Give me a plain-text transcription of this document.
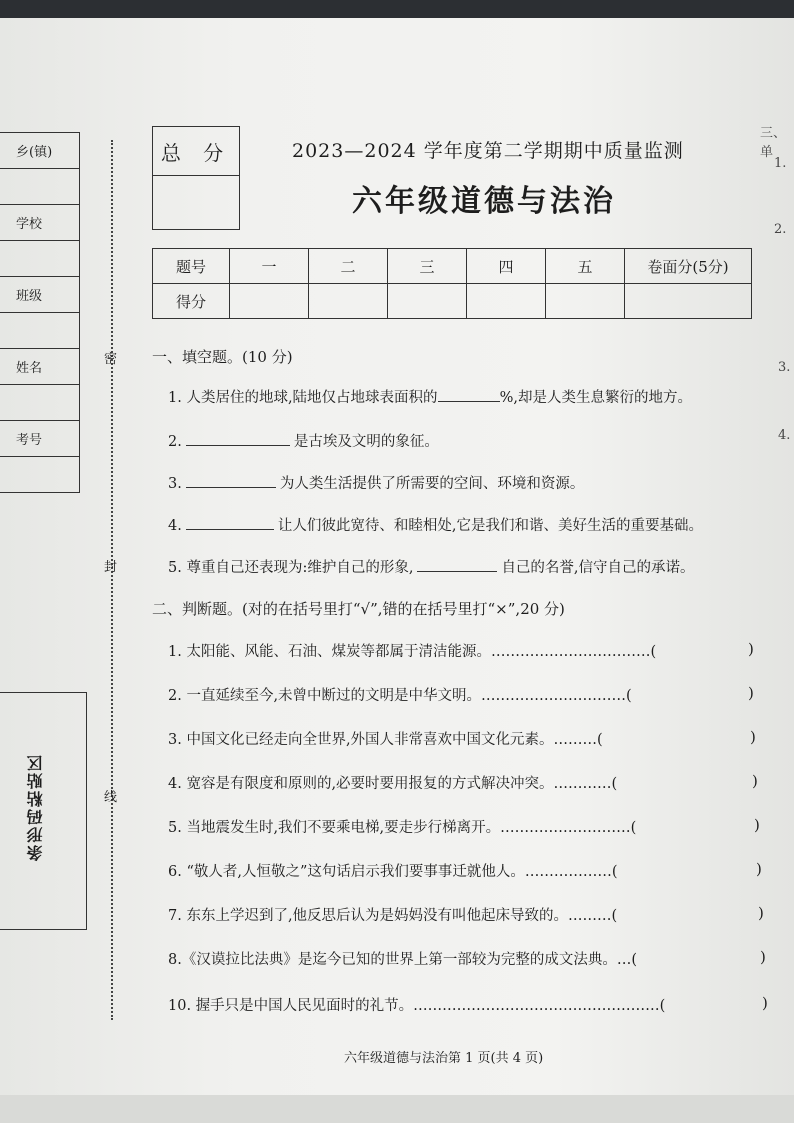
乡(镇)
学校
班级
姓名
考号
条形码粘贴区
密
封
线
总 分	2023—2024 学年度第二学期期中质量监测
六年级道德与法治
题号	一	二	三	四	五	卷面分(5分)
得分						
一、填空题。(10 分)
1. 人类居住的地球,陆地仅占地球表面积的	%,却是人类生息繁衍的地方。
2.	是古埃及文明的象征。
3.	为人类生活提供了所需要的空间、环境和资源。
4.	让人们彼此宽待、和睦相处,它是我们和谐、美好生活的重要基础。
5. 尊重自己还表现为:维护自己的形象,	自己的名誉,信守自己的承诺。
二、判断题。(对的在括号里打“√”,错的在括号里打“×”,20 分)
1. 太阳能、风能、石油、煤炭等都属于清洁能源。……………………………(	)
2. 一直延续至今,未曾中断过的文明是中华文明。…………………………(	)
3. 中国文化已经走向全世界,外国人非常喜欢中国文化元素。………(	)
4. 宽容是有限度和原则的,必要时要用报复的方式解决冲突。…………(	)
5. 当地震发生时,我们不要乘电梯,要走步行梯离开。………………………(	)
6. “敬人者,人恒敬之”这句话启示我们要事事迁就他人。………………(	)
7. 东东上学迟到了,他反思后认为是妈妈没有叫他起床导致的。………(	)
8.《汉谟拉比法典》是迄今已知的世界上第一部较为完整的成文法典。…(	)
10. 握手只是中国人民见面时的礼节。……………………………………………(	)
六年级道德与法治第 1 页(共 4 页)
三、单
1.
2.
3.
4.
